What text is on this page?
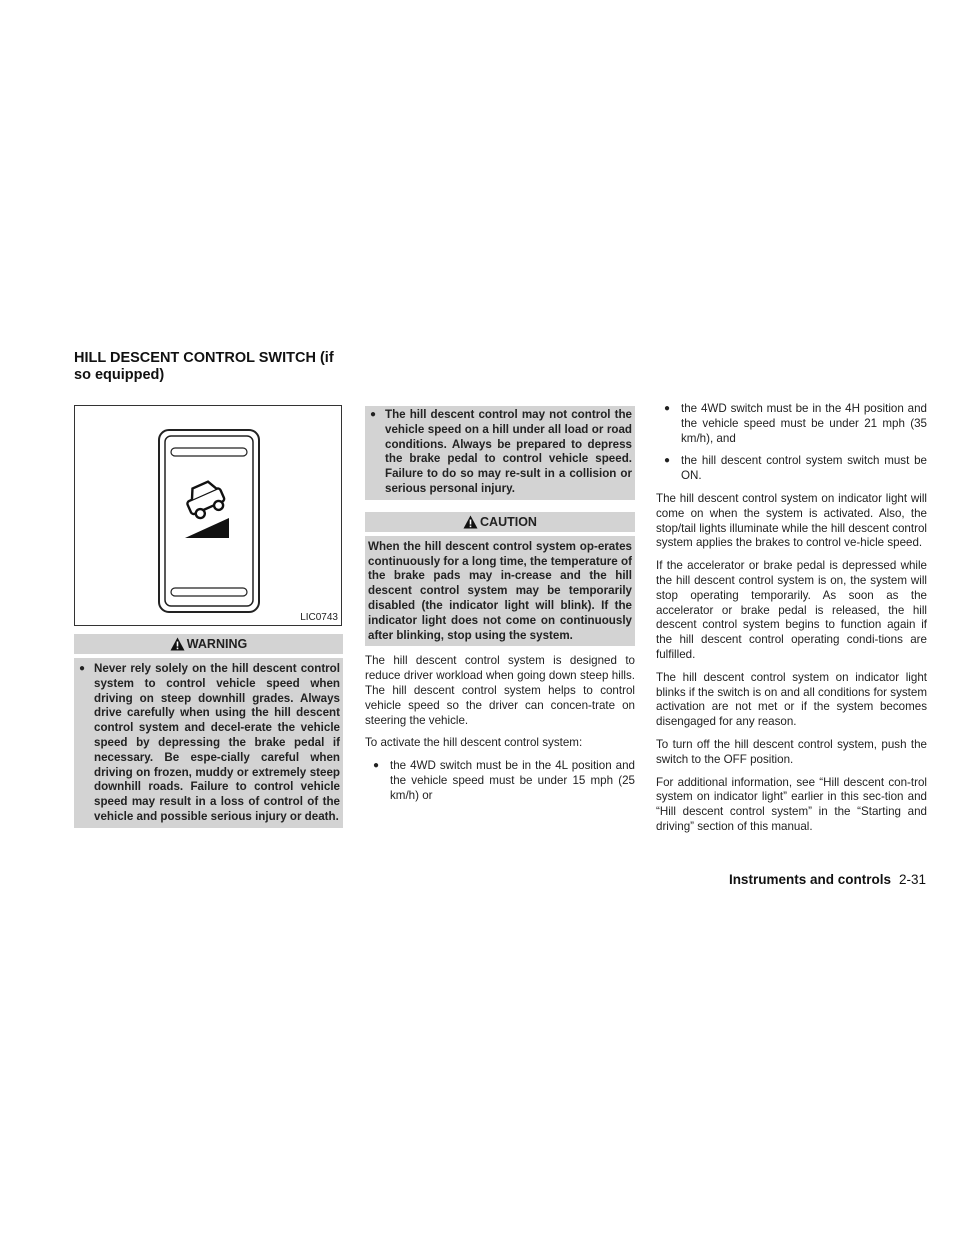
HILL DESCENT CONTROL SWITCH (if so equipped)
LIC0743
WARNING
● Never rely solely on the hill descent control system to control vehicle speed when driving on steep downhill grades. Always drive carefully when using the hill descent control system and decel-erate the vehicle speed by depressing the brake pedal if necessary. Be espe-cially careful when driving on frozen, muddy or extremely steep downhill roads. Failure to control vehicle speed may result in a loss of control of the vehicle and possible serious injury or death.
● The hill descent control may not control the vehicle speed on a hill under all load or road conditions. Always be prepared to depress the brake pedal to control vehicle speed. Failure to do so may re-sult in a collision or serious personal injury.
CAUTION
When the hill descent control system op-erates continuously for a long time, the temperature of the brake pads may in-crease and the hill descent control system may be temporarily disabled (the indicator light will blink). If the indicator light does not come on continuously after blinking, stop using the system.

The hill descent control system is designed to reduce driver workload when going down steep hills. The hill descent control system helps to control vehicle speed so the driver can concen-trate on steering the vehicle.

To activate the hill descent control system:

● the 4WD switch must be in the 4L position and the vehicle speed must be under 15 mph (25 km/h) or
● the 4WD switch must be in the 4H position and the vehicle speed must be under 21 mph (35 km/h), and
● the hill descent control system switch must be ON.

The hill descent control system on indicator light will come on when the system is activated. Also, the stop/tail lights illuminate while the hill descent control system applies the brakes to control ve-hicle speed.

If the accelerator or brake pedal is depressed while the hill descent control system is on, the system will stop operating temporarily. As soon as the accelerator or brake pedal is released, the hill descent control system begins to function again if the hill descent control operating condi-tions are fulfilled.

The hill descent control system on indicator light blinks if the switch is on and all conditions for system activation are not met or if the system becomes disengaged for any reason.

To turn off the hill descent control system, push the switch to the OFF position.

For additional information, see “Hill descent con-trol system on indicator light” earlier in this sec-tion and “Hill descent control system” in the “Starting and driving” section of this manual.

Instruments and controls 2-31
